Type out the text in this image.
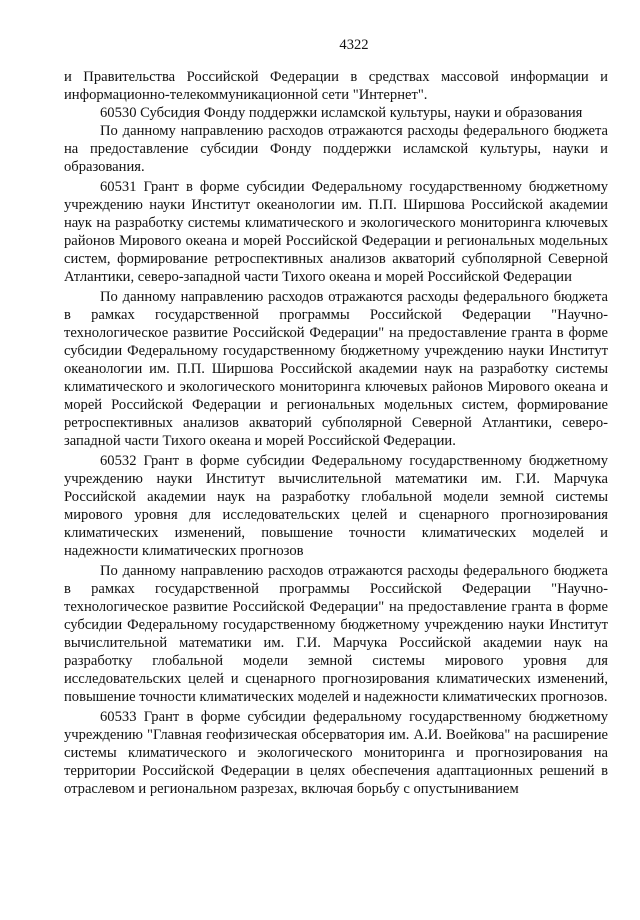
4322

и Правительства Российской Федерации в средствах массовой информации и информационно-телекоммуникационной сети "Интернет".

60530 Субсидия Фонду поддержки исламской культуры, науки и образования

По данному направлению расходов отражаются расходы федерального бюджета на предоставление субсидии Фонду поддержки исламской культуры, науки и образования.

60531 Грант в форме субсидии Федеральному государственному бюджетному учреждению науки Институт океанологии им. П.П. Ширшова Российской академии наук на разработку системы климатического и экологического мониторинга ключевых районов Мирового океана и морей Российской Федерации и региональных модельных систем, формирование ретроспективных анализов акваторий субполярной Северной Атлантики, северо-западной части Тихого океана и морей Российской Федерации

По данному направлению расходов отражаются расходы федерального бюджета в рамках государственной программы Российской Федерации "Научно-технологическое развитие Российской Федерации" на предоставление гранта в форме субсидии Федеральному государственному бюджетному учреждению науки Институт океанологии им. П.П. Ширшова Российской академии наук на разработку системы климатического и экологического мониторинга ключевых районов Мирового океана и морей Российской Федерации и региональных модельных систем, формирование ретроспективных анализов акваторий субполярной Северной Атлантики, северо-западной части Тихого океана и морей Российской Федерации.

60532 Грант в форме субсидии Федеральному государственному бюджетному учреждению науки Институт вычислительной математики им. Г.И. Марчука Российской академии наук на разработку глобальной модели земной системы мирового уровня для исследовательских целей и сценарного прогнозирования климатических изменений, повышение точности климатических моделей и надежности климатических прогнозов

По данному направлению расходов отражаются расходы федерального бюджета в рамках государственной программы Российской Федерации "Научно-технологическое развитие Российской Федерации" на предоставление гранта в форме субсидии Федеральному государственному бюджетному учреждению науки Институт вычислительной математики им. Г.И. Марчука Российской академии наук на разработку глобальной модели земной системы мирового уровня для исследовательских целей и сценарного прогнозирования климатических изменений, повышение точности климатических моделей и надежности климатических прогнозов.

60533 Грант в форме субсидии федеральному государственному бюджетному учреждению "Главная геофизическая обсерватория им. А.И. Воейкова" на расширение системы климатического и экологического мониторинга и прогнозирования на территории Российской Федерации в целях обеспечения адаптационных решений в отраслевом и региональном разрезах, включая борьбу с опустыниванием
